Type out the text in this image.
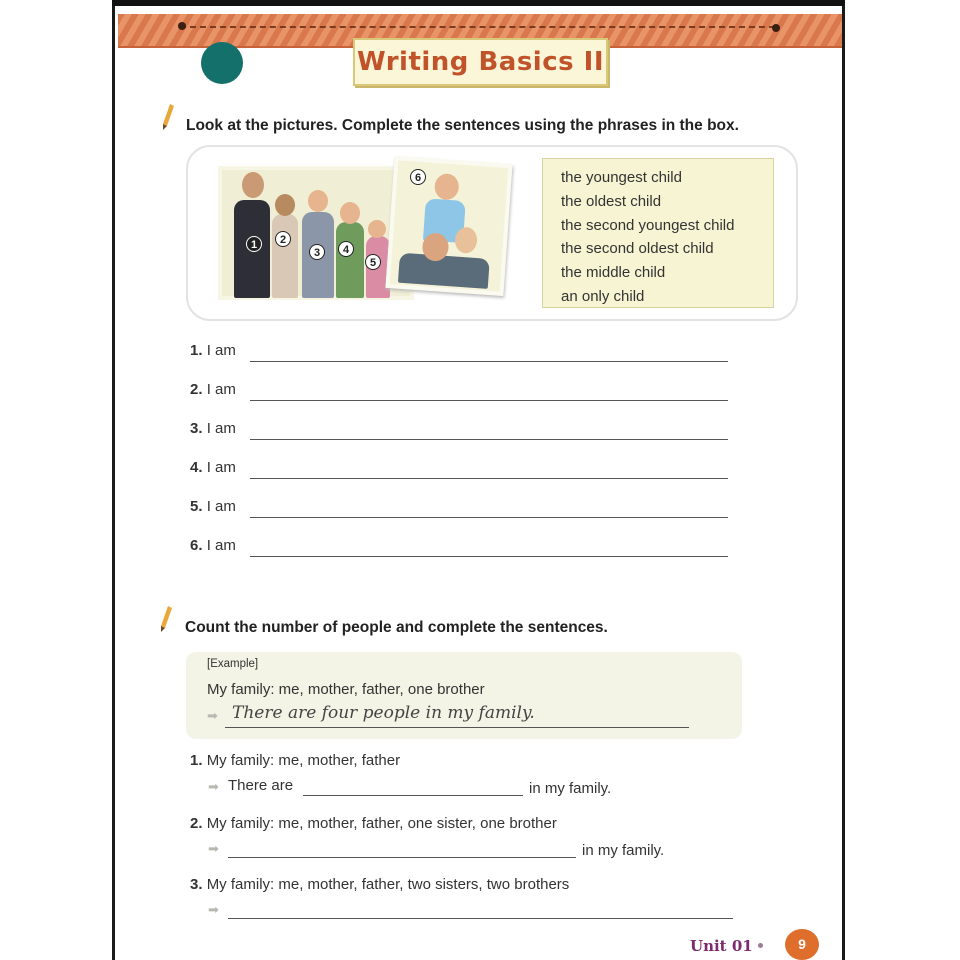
Writing Basics II
Look at the pictures. Complete the sentences using the phrases in the box.
1	2
3	4
5
6	the youngest child
the oldest child
the second youngest child
the second oldest child
the middle child
an only child
1. I am
2. I am
3. I am
4. I am
5. I am
6. I am
Count the number of people and complete the sentences.
[Example]
My family: me, mother, father, one brother
➡ There are four people in my family.
1. My family: me, mother, father
➡ There are	in my family.
2. My family: me, mother, father, one sister, one brother
➡	in my family.
3. My family: me, mother, father, two sisters, two brothers
➡
Unit 01	9
